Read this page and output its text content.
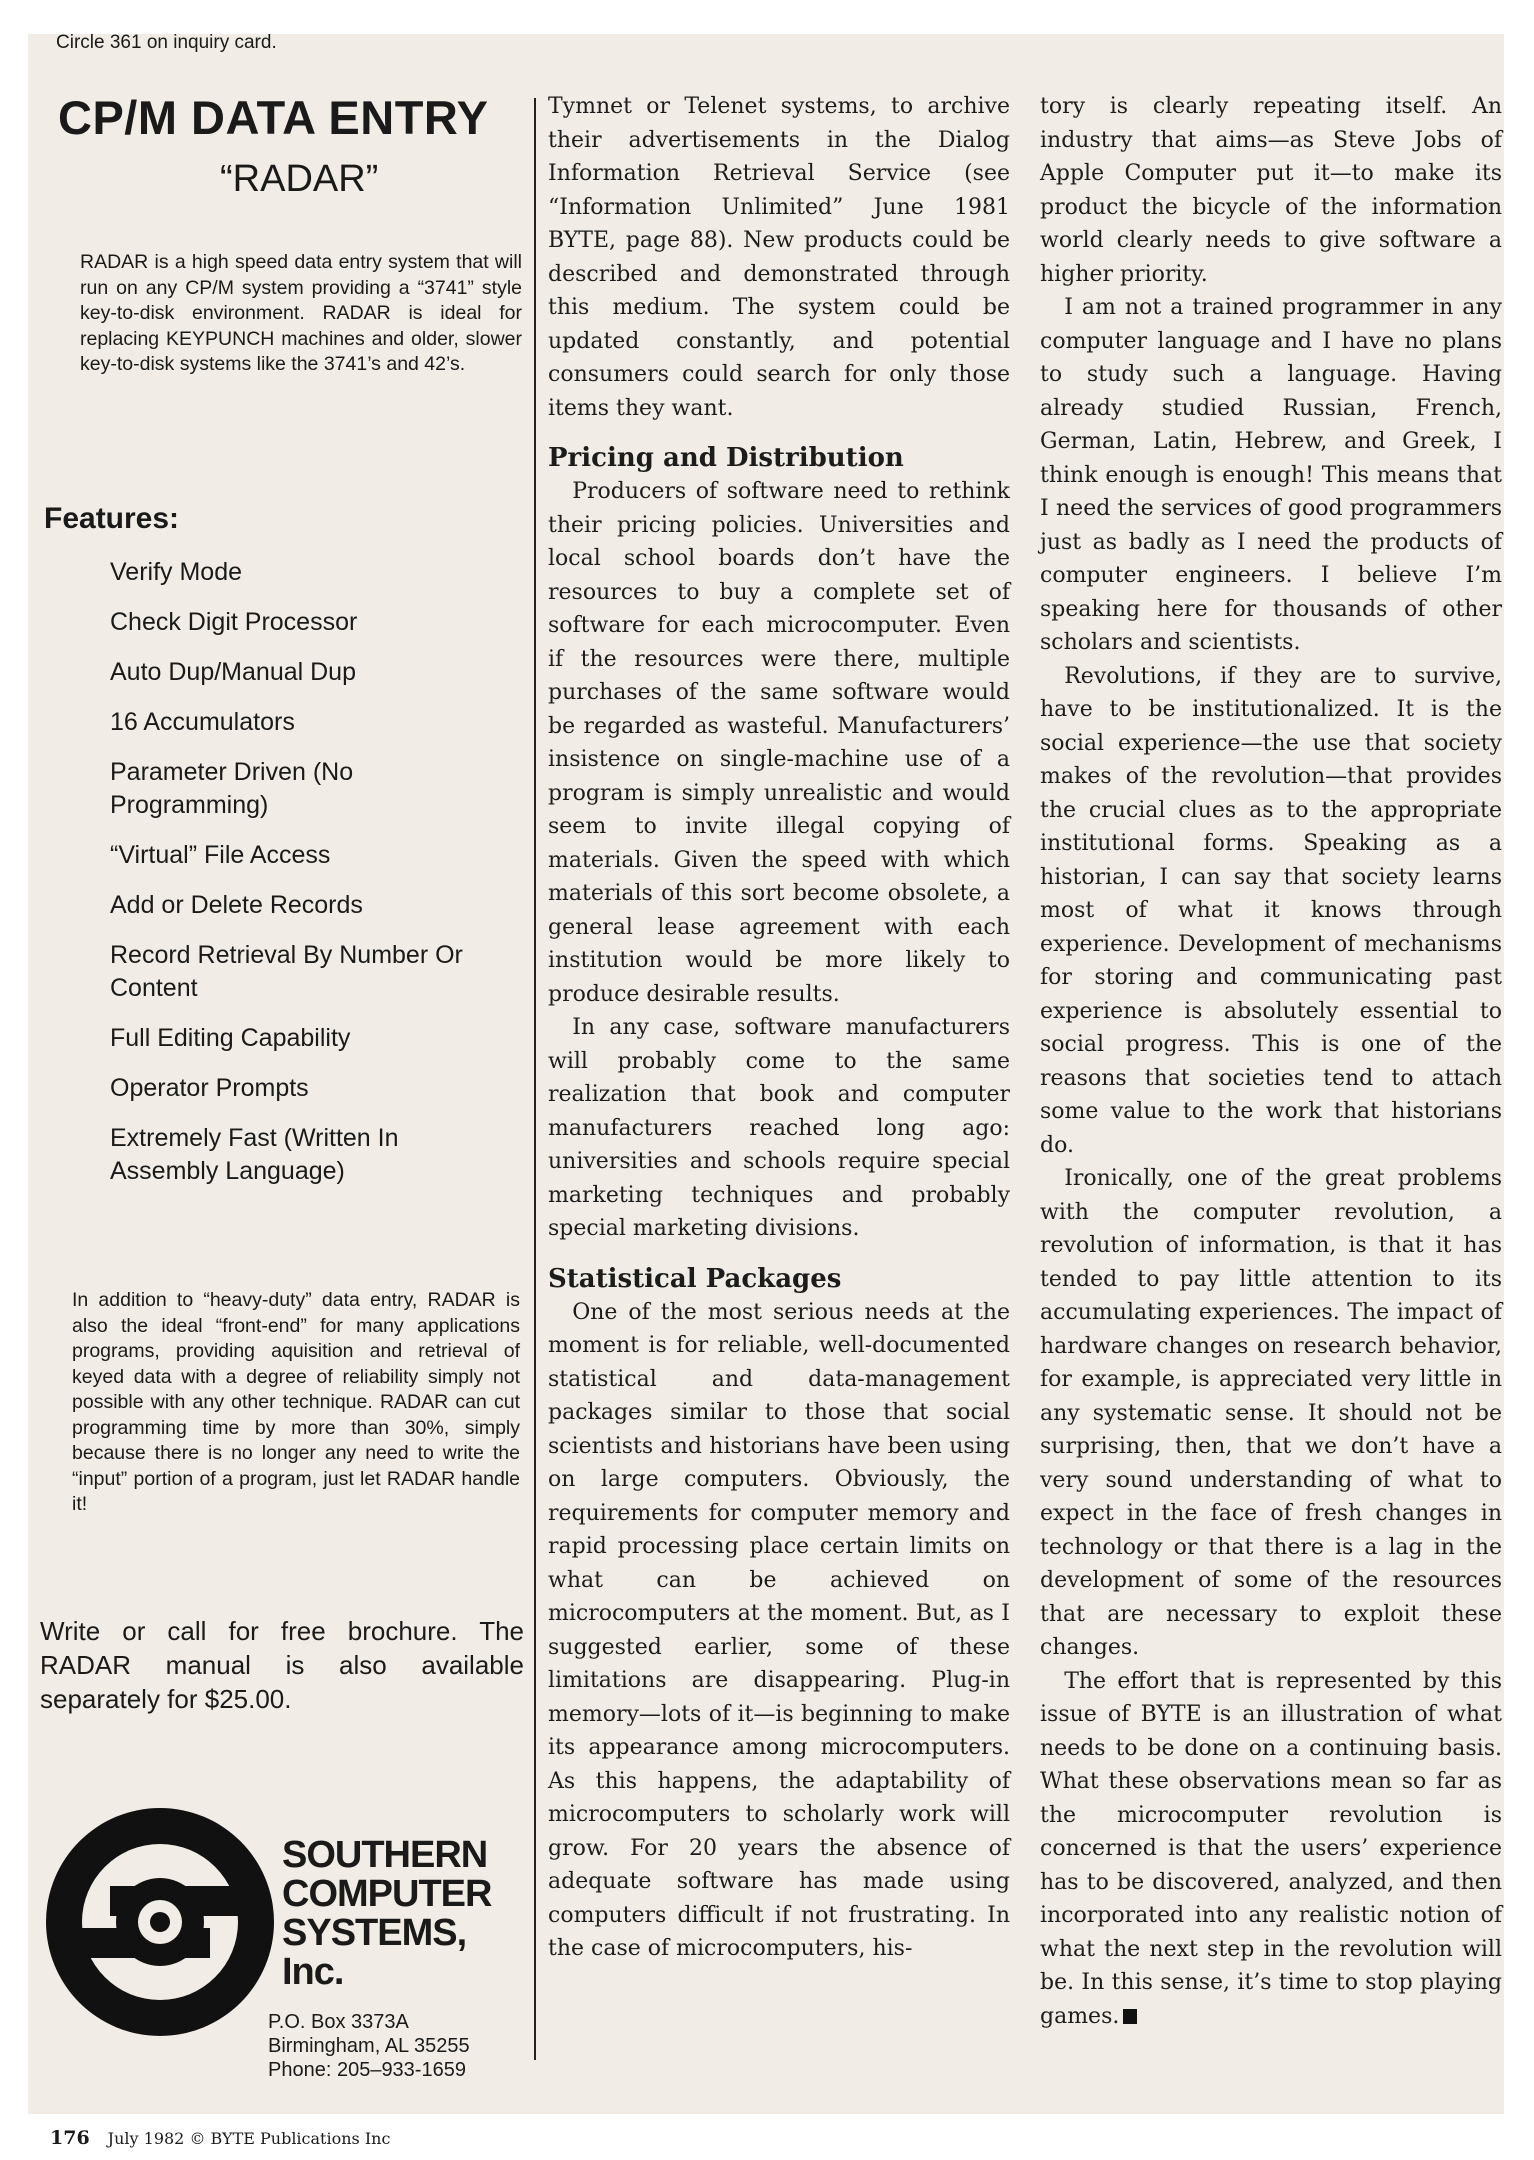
Circle 361 on inquiry card.
CP/M DATA ENTRY
“RADAR”
RADAR is a high speed data entry system that will run on any CP/M system providing a “3741” style key-to-disk environment. RADAR is ideal for replacing KEYPUNCH machines and older, slower key-to-disk systems like the 3741’s and 42’s.
Features:
Verify Mode
Check Digit Processor
Auto Dup/Manual Dup
16 Accumulators
Parameter Driven (No Programming)
“Virtual” File Access
Add or Delete Records
Record Retrieval By Number Or Content
Full Editing Capability
Operator Prompts
Extremely Fast (Written In Assembly Language)
In addition to “heavy-duty” data entry, RADAR is also the ideal “front-end” for many applications programs, providing aquisition and retrieval of keyed data with a degree of reliability simply not possible with any other technique. RADAR can cut programming time by more than 30%, simply because there is no longer any need to write the “input” portion of a program, just let RADAR handle it!
Write or call for free brochure. The RADAR manual is also available separately for $25.00.
SOUTHERN
COMPUTER
SYSTEMS,
Inc.
P.O. Box 3373A
Birmingham, AL 35255
Phone: 205–933-1659

Tymnet or Telenet systems, to archive their advertisements in the Dialog Information Retrieval Service (see “Information Unlimited” June 1981 BYTE, page 88). New products could be described and demonstrated through this medium. The system could be updated constantly, and potential consumers could search for only those items they want.

Pricing and Distribution

Producers of software need to rethink their pricing policies. Universities and local school boards don’t have the resources to buy a complete set of software for each microcomputer. Even if the resources were there, multiple purchases of the same software would be regarded as wasteful. Manufacturers’ insistence on single-machine use of a program is simply unrealistic and would seem to invite illegal copying of materials. Given the speed with which materials of this sort become obsolete, a general lease agreement with each institution would be more likely to produce desirable results.

In any case, software manufacturers will probably come to the same realization that book and computer manufacturers reached long ago: universities and schools require special marketing techniques and probably special marketing divisions.

Statistical Packages

One of the most serious needs at the moment is for reliable, well-documented statistical and data-management packages similar to those that social scientists and historians have been using on large computers. Obviously, the requirements for computer memory and rapid processing place certain limits on what can be achieved on microcomputers at the moment. But, as I suggested earlier, some of these limitations are disappearing. Plug-in memory—lots of it—is beginning to make its appearance among microcomputers. As this happens, the adaptability of microcomputers to scholarly work will grow. For 20 years the absence of adequate software has made using computers difficult if not frustrating. In the case of microcomputers, his-

tory is clearly repeating itself. An industry that aims—as Steve Jobs of Apple Computer put it—to make its product the bicycle of the information world clearly needs to give software a higher priority.

I am not a trained programmer in any computer language and I have no plans to study such a language. Having already studied Russian, French, German, Latin, Hebrew, and Greek, I think enough is enough! This means that I need the services of good programmers just as badly as I need the products of computer engineers. I believe I’m speaking here for thousands of other scholars and scientists.

Revolutions, if they are to survive, have to be institutionalized. It is the social experience—the use that society makes of the revolution—that provides the crucial clues as to the appropriate institutional forms. Speaking as a historian, I can say that society learns most of what it knows through experience. Development of mechanisms for storing and communicating past experience is absolutely essential to social progress. This is one of the reasons that societies tend to attach some value to the work that historians do.

Ironically, one of the great problems with the computer revolution, a revolution of information, is that it has tended to pay little attention to its accumulating experiences. The impact of hardware changes on research behavior, for example, is appreciated very little in any systematic sense. It should not be surprising, then, that we don’t have a very sound understanding of what to expect in the face of fresh changes in technology or that there is a lag in the development of some of the resources that are necessary to exploit these changes.

The effort that is represented by this issue of BYTE is an illustration of what needs to be done on a continuing basis. What these observations mean so far as the microcomputer revolution is concerned is that the users’ experience has to be discovered, analyzed, and then incorporated into any realistic notion of what the next step in the revolution will be. In this sense, it’s time to stop playing games.

176 July 1982 © BYTE Publications Inc
